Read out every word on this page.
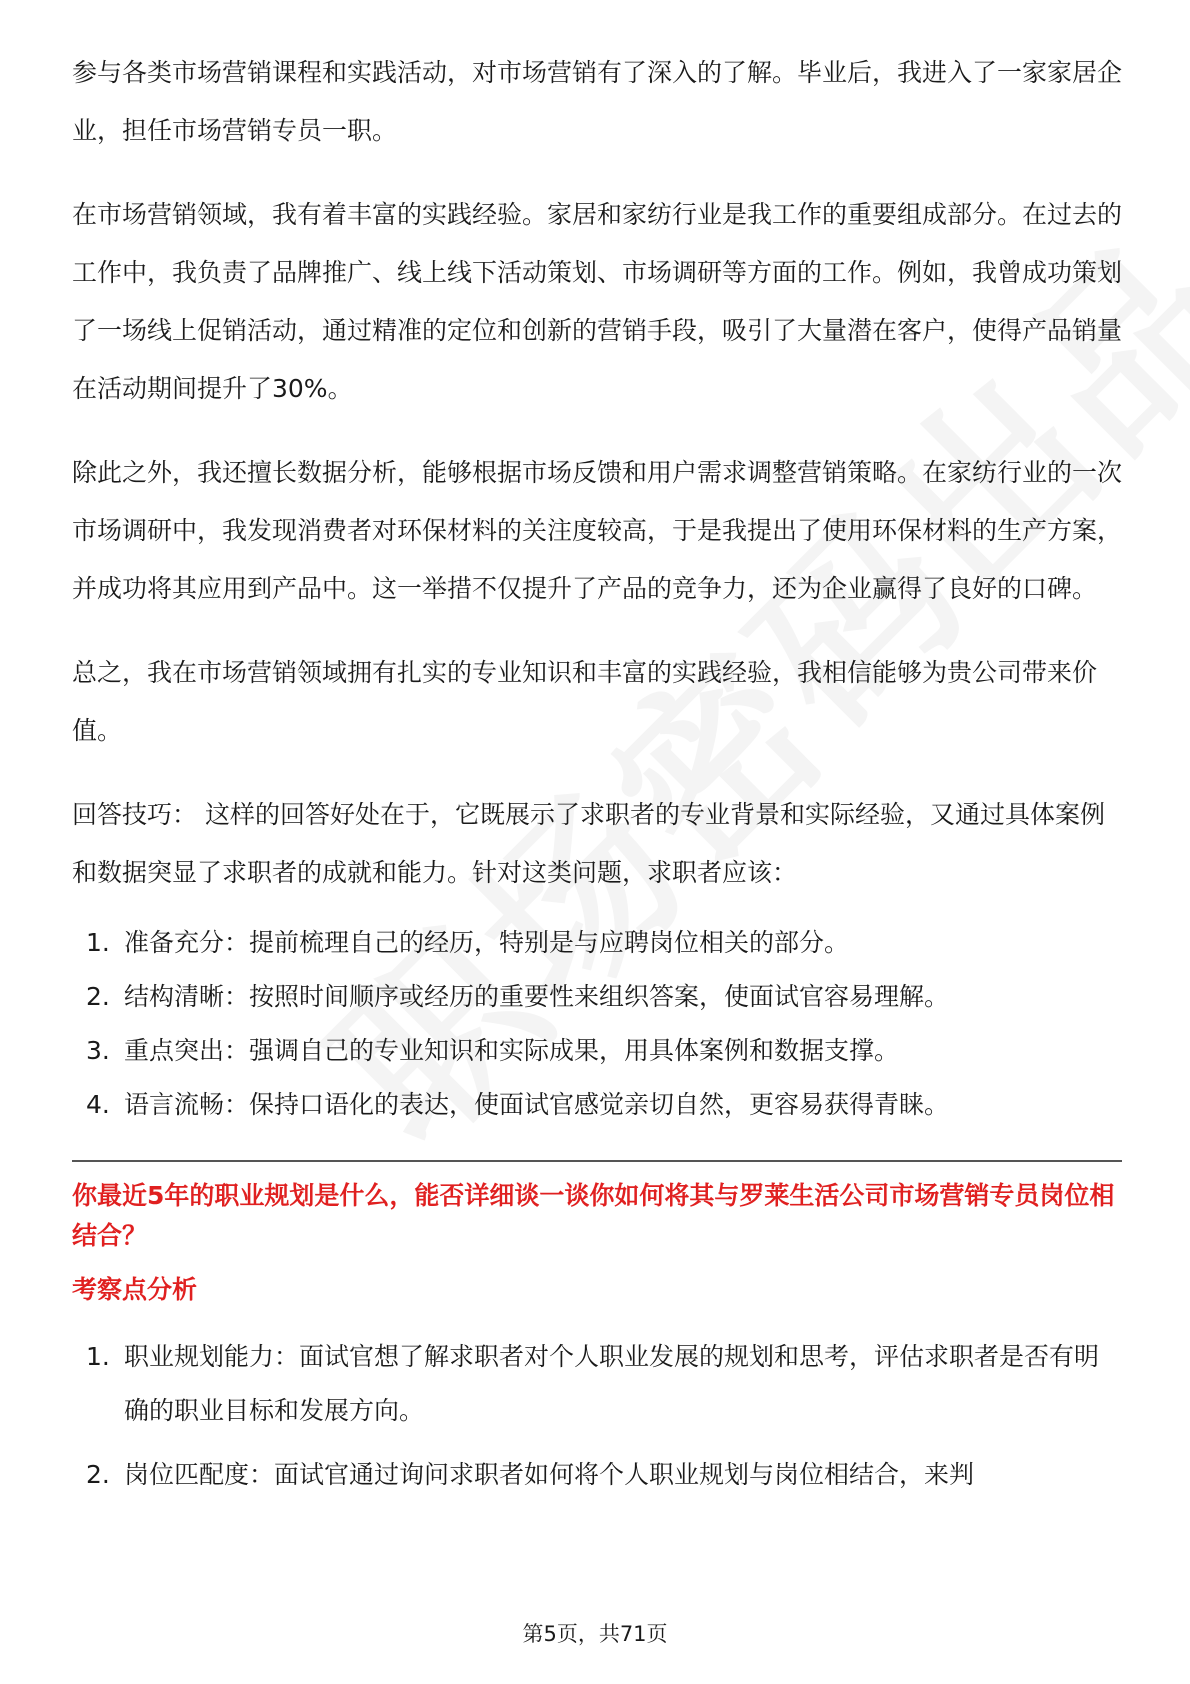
参与各类市场营销课程和实践活动，对市场营销有了深入的了解。毕业后，我进入了一家家居企业，担任市场营销专员一职。

在市场营销领域，我有着丰富的实践经验。家居和家纺行业是我工作的重要组成部分。在过去的工作中，我负责了品牌推广、线上线下活动策划、市场调研等方面的工作。例如，我曾成功策划了一场线上促销活动，通过精准的定位和创新的营销手段，吸引了大量潜在客户，使得产品销量在活动期间提升了30%。

除此之外，我还擅长数据分析，能够根据市场反馈和用户需求调整营销策略。在家纺行业的一次市场调研中，我发现消费者对环保材料的关注度较高，于是我提出了使用环保材料的生产方案，并成功将其应用到产品中。这一举措不仅提升了产品的竞争力，还为企业赢得了良好的口碑。

总之，我在市场营销领域拥有扎实的专业知识和丰富的实践经验，我相信能够为贵公司带来价值。

回答技巧： 这样的回答好处在于，它既展示了求职者的专业背景和实际经验，又通过具体案例和数据突显了求职者的成就和能力。针对这类问题，求职者应该：

1. 准备充分：提前梳理自己的经历，特别是与应聘岗位相关的部分。
2. 结构清晰：按照时间顺序或经历的重要性来组织答案，使面试官容易理解。
3. 重点突出：强调自己的专业知识和实际成果，用具体案例和数据支撑。
4. 语言流畅：保持口语化的表达，使面试官感觉亲切自然，更容易获得青睐。

你最近5年的职业规划是什么，能否详细谈一谈你如何将其与罗莱生活公司市场营销专员岗位相结合？

考察点分析

1. 职业规划能力：面试官想了解求职者对个人职业发展的规划和思考，评估求职者是否有明确的职业目标和发展方向。
2. 岗位匹配度：面试官通过询问求职者如何将个人职业规划与岗位相结合，来判
第5页，共71页
